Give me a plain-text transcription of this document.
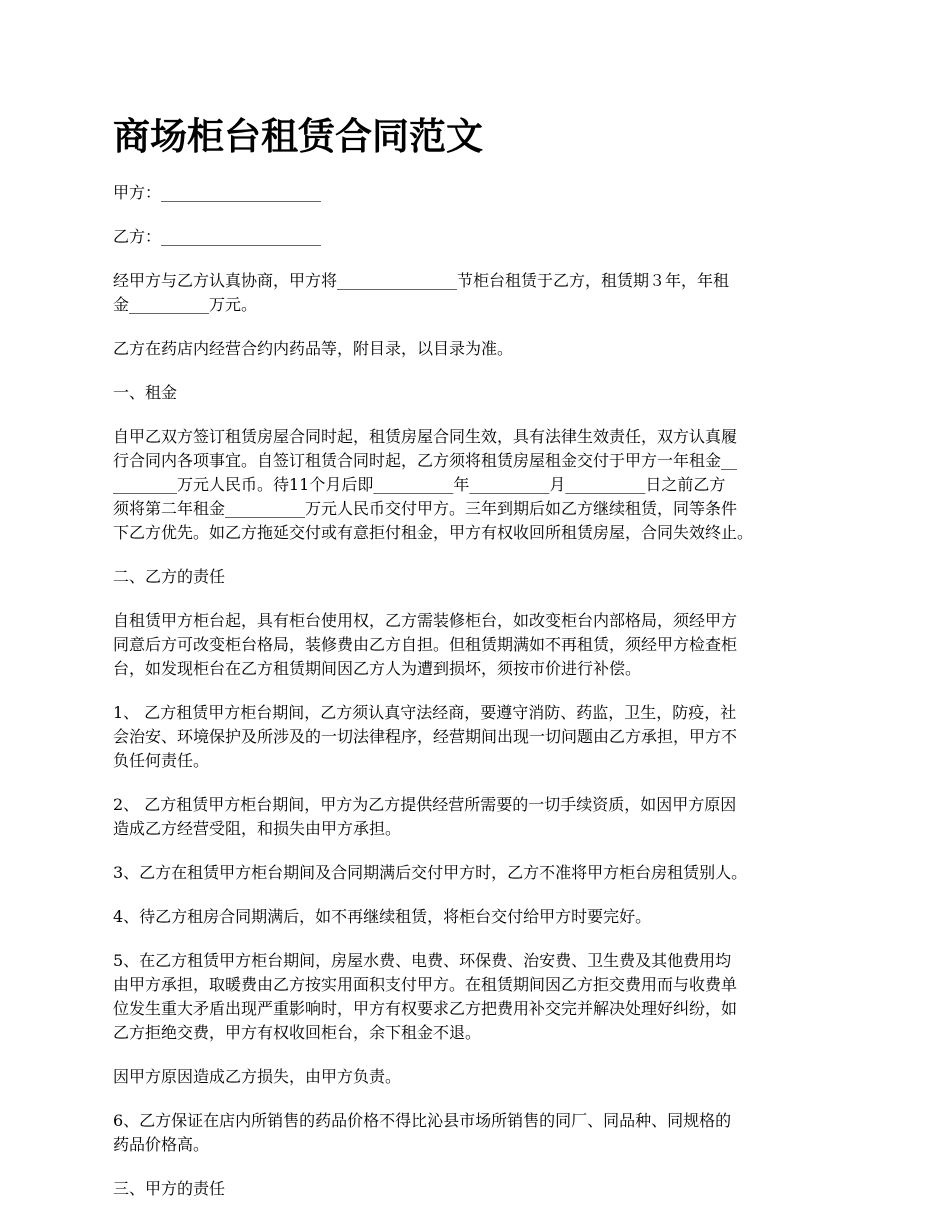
商场柜台租赁合同范文

甲方：____________________

乙方：____________________

经甲方与乙方认真协商，甲方将_______________节柜台租赁于乙方，租赁期３年，年租
金__________万元。

乙方在药店内经营合约内药品等，附目录，以目录为准。

一、租金

自甲乙双方签订租赁房屋合同时起，租赁房屋合同生效，具有法律生效责任，双方认真履
行合同内各项事宜。自签订租赁合同时起，乙方须将租赁房屋租金交付于甲方一年租金__
________万元人民币。待11个月后即__________年__________月__________日之前乙方
须将第二年租金__________万元人民币交付甲方。三年到期后如乙方继续租赁，同等条件
下乙方优先。如乙方拖延交付或有意拒付租金，甲方有权收回所租赁房屋，合同失效终止。

二、乙方的责任

自租赁甲方柜台起，具有柜台使用权，乙方需装修柜台，如改变柜台内部格局，须经甲方
同意后方可改变柜台格局，装修费由乙方自担。但租赁期满如不再租赁，须经甲方检查柜
台，如发现柜台在乙方租赁期间因乙方人为遭到损坏，须按市价进行补偿。

1、 乙方租赁甲方柜台期间，乙方须认真守法经商，要遵守消防、药监，卫生，防疫，社
会治安、环境保护及所涉及的一切法律程序，经营期间出现一切问题由乙方承担，甲方不
负任何责任。

2、 乙方租赁甲方柜台期间，甲方为乙方提供经营所需要的一切手续资质，如因甲方原因
造成乙方经营受阻，和损失由甲方承担。

3、乙方在租赁甲方柜台期间及合同期满后交付甲方时，乙方不准将甲方柜台房租赁别人。

4、待乙方租房合同期满后，如不再继续租赁，将柜台交付给甲方时要完好。

5、在乙方租赁甲方柜台期间，房屋水费、电费、环保费、治安费、卫生费及其他费用均
由甲方承担，取暖费由乙方按实用面积支付甲方。在租赁期间因乙方拒交费用而与收费单
位发生重大矛盾出现严重影响时，甲方有权要求乙方把费用补交完并解决处理好纠纷，如
乙方拒绝交费，甲方有权收回柜台，余下租金不退。

因甲方原因造成乙方损失，由甲方负责。

6、乙方保证在店内所销售的药品价格不得比沁县市场所销售的同厂、同品种、同规格的
药品价格高。

三、甲方的责任
